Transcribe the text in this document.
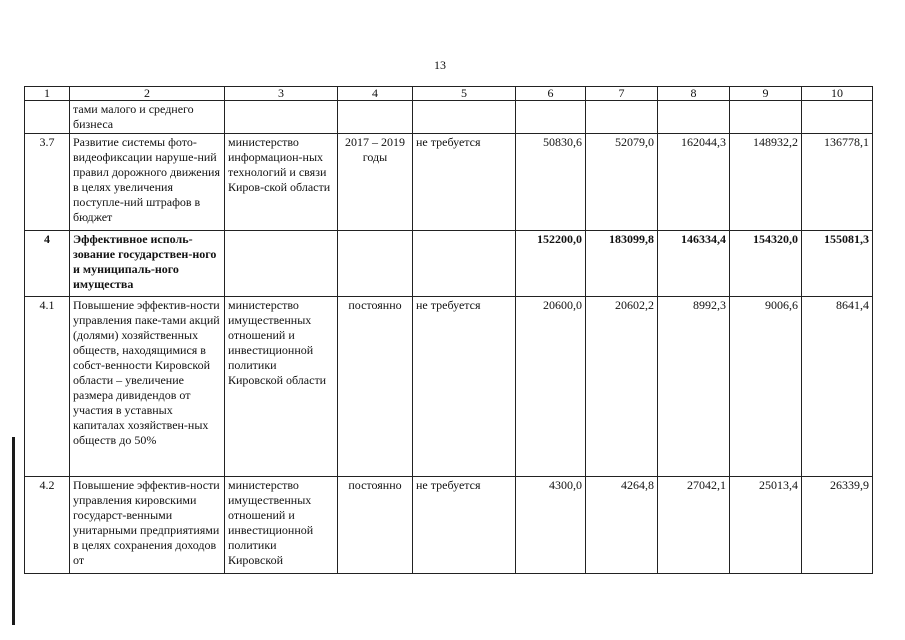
13
1	2	3	4	5	6	7	8	9	10
	тами малого и среднего бизнеса								
3.7	Развитие системы фото-видеофиксации наруше-ний правил дорожного движения в целях увеличения поступле-ний штрафов в бюджет	министерство информацион-ных технологий и связи Киров-ской области	2017 – 2019 годы	не требуется	50830,6	52079,0	162044,3	148932,2	136778,1
4	Эффективное исполь-зование государствен-ного и муниципаль-ного имущества				152200,0	183099,8	146334,4	154320,0	155081,3
4.1	Повышение эффектив-ности управления паке-тами акций (долями) хозяйственных обществ, находящимися в собст-венности Кировской области – увеличение размера дивидендов от участия в уставных капиталах хозяйствен-ных обществ до 50%	министерство имущественных отношений и инвестиционной политики Кировской области	постоянно	не требуется	20600,0	20602,2	8992,3	9006,6	8641,4
4.2	Повышение эффектив-ности управления кировскими государст-венными унитарными предприятиями в целях сохранения доходов от	министерство имущественных отношений и инвестиционной политики Кировской	постоянно	не требуется	4300,0	4264,8	27042,1	25013,4	26339,9
